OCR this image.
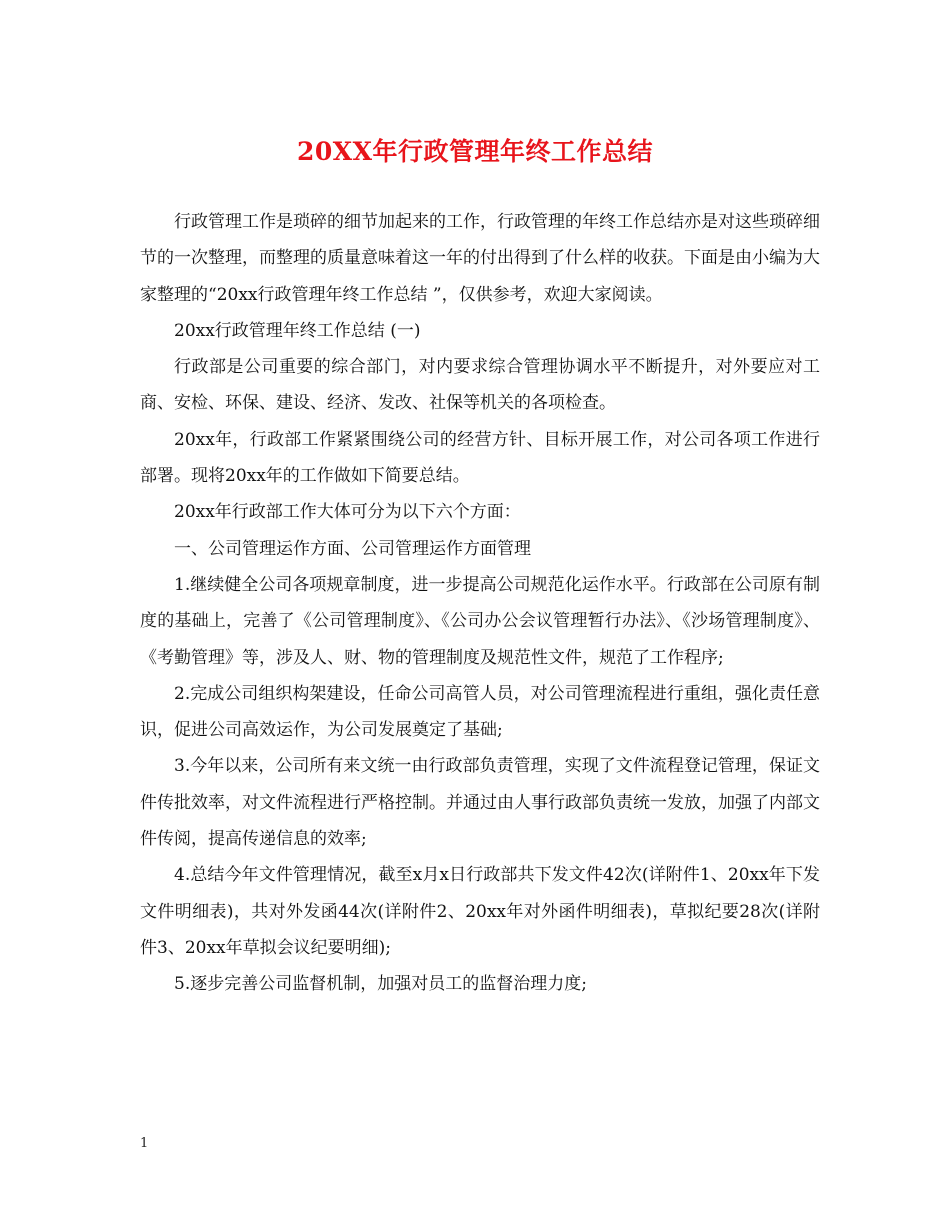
20XX年行政管理年终工作总结

行政管理工作是琐碎的细节加起来的工作，行政管理的年终工作总结亦是对这些琐碎细节的一次整理，而整理的质量意味着这一年的付出得到了什么样的收获。下面是由小编为大家整理的“20xx行政管理年终工作总结 ”，仅供参考，欢迎大家阅读。

20xx行政管理年终工作总结 (一)

行政部是公司重要的综合部门，对内要求综合管理协调水平不断提升，对外要应对工商、安检、环保、建设、经济、发改、社保等机关的各项检查。

20xx年，行政部工作紧紧围绕公司的经营方针、目标开展工作，对公司各项工作进行部署。现将20xx年的工作做如下简要总结。

20xx年行政部工作大体可分为以下六个方面：

一、公司管理运作方面、公司管理运作方面管理

1.继续健全公司各项规章制度，进一步提高公司规范化运作水平。行政部在公司原有制度的基础上，完善了《公司管理制度》、《公司办公会议管理暂行办法》、《沙场管理制度》、《考勤管理》等，涉及人、财、物的管理制度及规范性文件，规范了工作程序;

2.完成公司组织构架建设，任命公司高管人员，对公司管理流程进行重组，强化责任意识，促进公司高效运作，为公司发展奠定了基础;

3.今年以来，公司所有来文统一由行政部负责管理，实现了文件流程登记管理，保证文件传批效率，对文件流程进行严格控制。并通过由人事行政部负责统一发放，加强了内部文件传阅，提高传递信息的效率;

4.总结今年文件管理情况，截至x月x日行政部共下发文件42次(详附件1、20xx年下发文件明细表)，共对外发函44次(详附件2、20xx年对外函件明细表)，草拟纪要28次(详附件3、20xx年草拟会议纪要明细);

5.逐步完善公司监督机制，加强对员工的监督治理力度;

1
